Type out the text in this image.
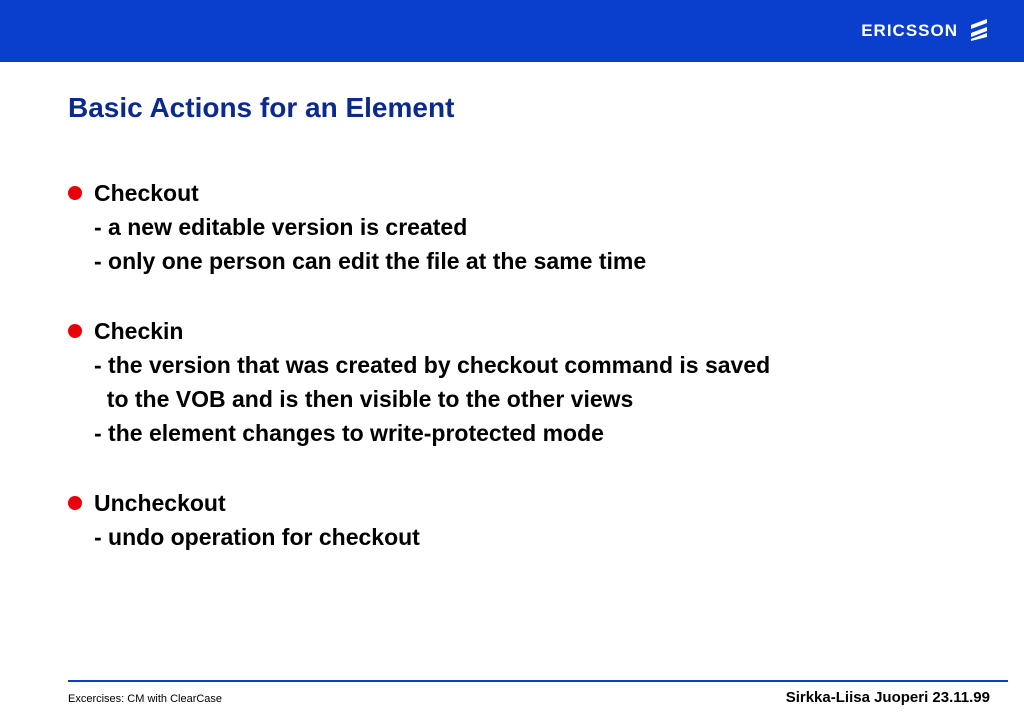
ERICSSON
Basic Actions for an Element
Checkout
- a new editable version is created
- only one person can edit the file at the same time
Checkin
- the version that was created by checkout command is saved
to the VOB and is then visible to the other views
- the element changes to write-protected mode
Uncheckout
- undo operation for checkout
Excercises: CM with ClearCase	Sirkka-Liisa Juoperi 23.11.99
